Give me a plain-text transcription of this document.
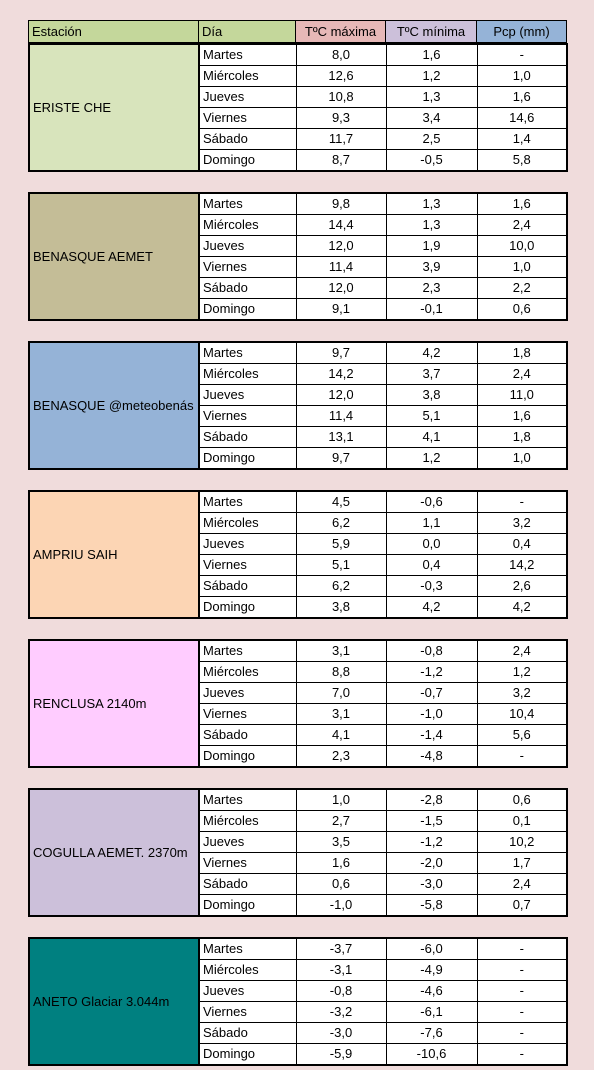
Estación	Día	TºC máxima	TºC mínima	Pcp (mm)
ERISTE CHE	Martes	8,0	1,6	-
	Miércoles	12,6	1,2	1,0
	Jueves	10,8	1,3	1,6
	Viernes	9,3	3,4	14,6
	Sábado	11,7	2,5	1,4
	Domingo	8,7	-0,5	5,8
BENASQUE AEMET	Martes	9,8	1,3	1,6
	Miércoles	14,4	1,3	2,4
	Jueves	12,0	1,9	10,0
	Viernes	11,4	3,9	1,0
	Sábado	12,0	2,3	2,2
	Domingo	9,1	-0,1	0,6
BENASQUE @meteobenás	Martes	9,7	4,2	1,8
	Miércoles	14,2	3,7	2,4
	Jueves	12,0	3,8	11,0
	Viernes	11,4	5,1	1,6
	Sábado	13,1	4,1	1,8
	Domingo	9,7	1,2	1,0
AMPRIU SAIH	Martes	4,5	-0,6	-
	Miércoles	6,2	1,1	3,2
	Jueves	5,9	0,0	0,4
	Viernes	5,1	0,4	14,2
	Sábado	6,2	-0,3	2,6
	Domingo	3,8	4,2	4,2
RENCLUSA 2140m	Martes	3,1	-0,8	2,4
	Miércoles	8,8	-1,2	1,2
	Jueves	7,0	-0,7	3,2
	Viernes	3,1	-1,0	10,4
	Sábado	4,1	-1,4	5,6
	Domingo	2,3	-4,8	-
COGULLA AEMET. 2370m	Martes	1,0	-2,8	0,6
	Miércoles	2,7	-1,5	0,1
	Jueves	3,5	-1,2	10,2
	Viernes	1,6	-2,0	1,7
	Sábado	0,6	-3,0	2,4
	Domingo	-1,0	-5,8	0,7
ANETO Glaciar 3.044m	Martes	-3,7	-6,0	-
	Miércoles	-3,1	-4,9	-
	Jueves	-0,8	-4,6	-
	Viernes	-3,2	-6,1	-
	Sábado	-3,0	-7,6	-
	Domingo	-5,9	-10,6	-
